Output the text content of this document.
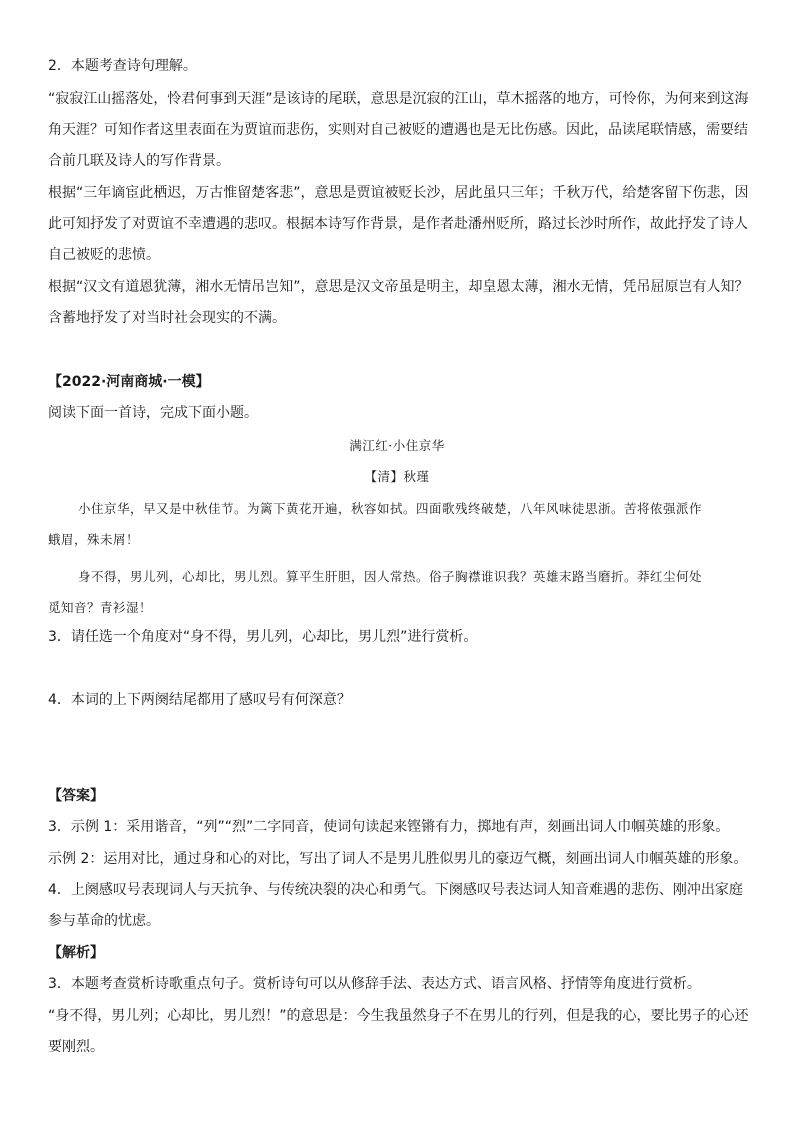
2．本题考查诗句理解。
“寂寂江山摇落处，怜君何事到天涯”是该诗的尾联，意思是沉寂的江山，草木摇落的地方，可怜你，为何来到这海
角天涯？可知作者这里表面在为贾谊而悲伤，实则对自己被贬的遭遇也是无比伤感。因此，品读尾联情感，需要结
合前几联及诗人的写作背景。
根据“三年谪宦此栖迟，万古惟留楚客悲”，意思是贾谊被贬长沙，居此虽只三年；千秋万代，给楚客留下伤悲，因
此可知抒发了对贾谊不幸遭遇的悲叹。根据本诗写作背景，是作者赴潘州贬所，路过长沙时所作，故此抒发了诗人
自己被贬的悲愤。
根据“汉文有道恩犹薄，湘水无情吊岂知”，意思是汉文帝虽是明主，却皇恩太薄，湘水无情，凭吊屈原岂有人知？
含蓄地抒发了对当时社会现实的不满。
【2022·河南商城·一模】
阅读下面一首诗，完成下面小题。
满江红·小住京华
【清】秋瑾
小住京华，早又是中秋佳节。为篱下黄花开遍，秋容如拭。四面歌残终破楚，八年风味徒思浙。苦将侬强派作
蛾眉，殊未屑！
身不得，男儿列，心却比，男儿烈。算平生肝胆，因人常热。俗子胸襟谁识我？英雄末路当磨折。莽红尘何处
觅知音？青衫湿！
3．请任选一个角度对“身不得，男儿列，心却比，男儿烈”进行赏析。
4．本词的上下两阕结尾都用了感叹号有何深意？
【答案】
3．示例 1：采用谐音，“列”“烈”二字同音，使词句读起来铿锵有力，掷地有声，刻画出词人巾帼英雄的形象。
示例 2：运用对比，通过身和心的对比，写出了词人不是男儿胜似男儿的豪迈气概，刻画出词人巾帼英雄的形象。
4．上阕感叹号表现词人与天抗争、与传统决裂的决心和勇气。下阕感叹号表达词人知音难遇的悲伤、刚冲出家庭
参与革命的忧虑。
【解析】
3．本题考查赏析诗歌重点句子。赏析诗句可以从修辞手法、表达方式、语言风格、抒情等角度进行赏析。
“身不得，男儿列；心却比，男儿烈！”的意思是：今生我虽然身子不在男儿的行列，但是我的心，要比男子的心还
要刚烈。
